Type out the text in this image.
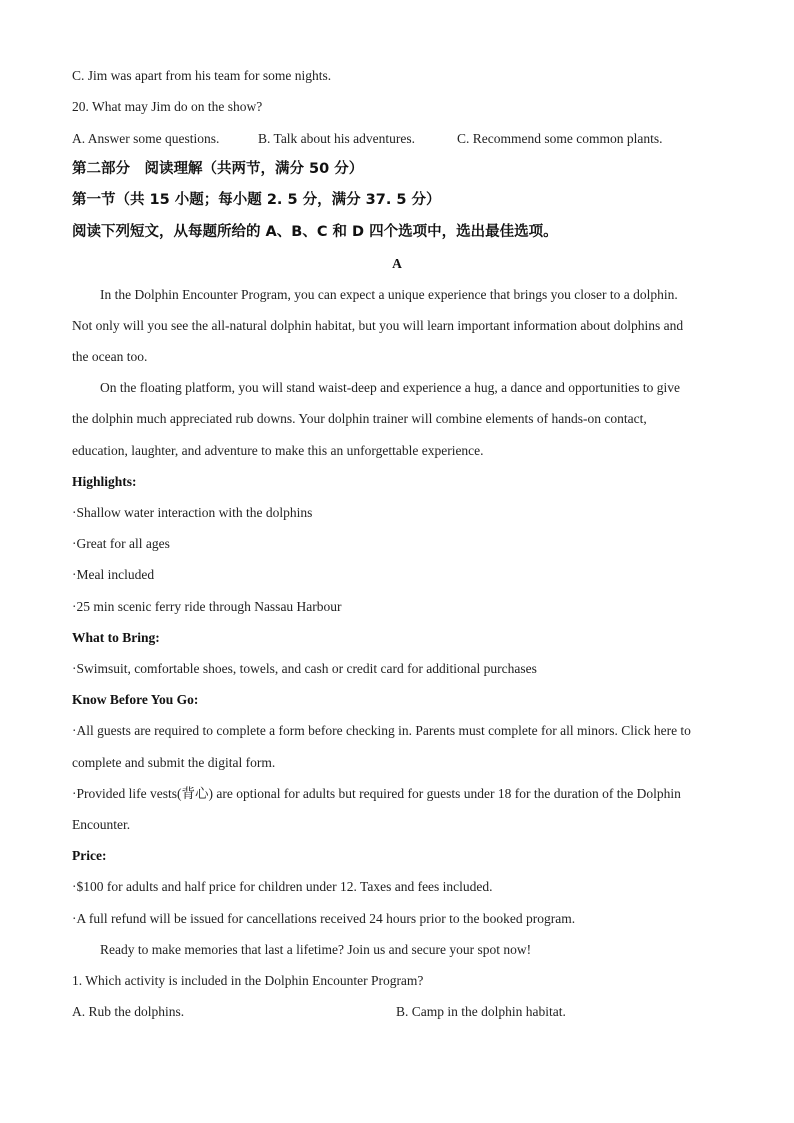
C. Jim was apart from his team for some nights.
20. What may Jim do on the show?
A. Answer some questions.	B. Talk about his adventures.	C. Recommend some common plants.
第二部分　阅读理解（共两节，满分 50 分）
第一节（共 15 小题；每小题 2. 5 分，满分 37. 5 分）
阅读下列短文，从每题所给的 A、B、C 和 D 四个选项中，选出最佳选项。
A
In the Dolphin Encounter Program, you can expect a unique experience that brings you closer to a dolphin.
Not only will you see the all-natural dolphin habitat, but you will learn important information about dolphins and
the ocean too.
On the floating platform, you will stand waist-deep and experience a hug, a dance and opportunities to give
the dolphin much appreciated rub downs. Your dolphin trainer will combine elements of hands-on contact,
education, laughter, and adventure to make this an unforgettable experience.
Highlights:
·Shallow water interaction with the dolphins
·Great for all ages
·Meal included
·25 min scenic ferry ride through Nassau Harbour
What to Bring:
·Swimsuit, comfortable shoes, towels, and cash or credit card for additional purchases
Know Before You Go:
·All guests are required to complete a form before checking in. Parents must complete for all minors. Click here to
complete and submit the digital form.
·Provided life vests(背心) are optional for adults but required for guests under 18 for the duration of the Dolphin
Encounter.
Price:
·$100 for adults and half price for children under 12. Taxes and fees included.
·A full refund will be issued for cancellations received 24 hours prior to the booked program.
Ready to make memories that last a lifetime? Join us and secure your spot now!
1. Which activity is included in the Dolphin Encounter Program?
A. Rub the dolphins.	B. Camp in the dolphin habitat.
